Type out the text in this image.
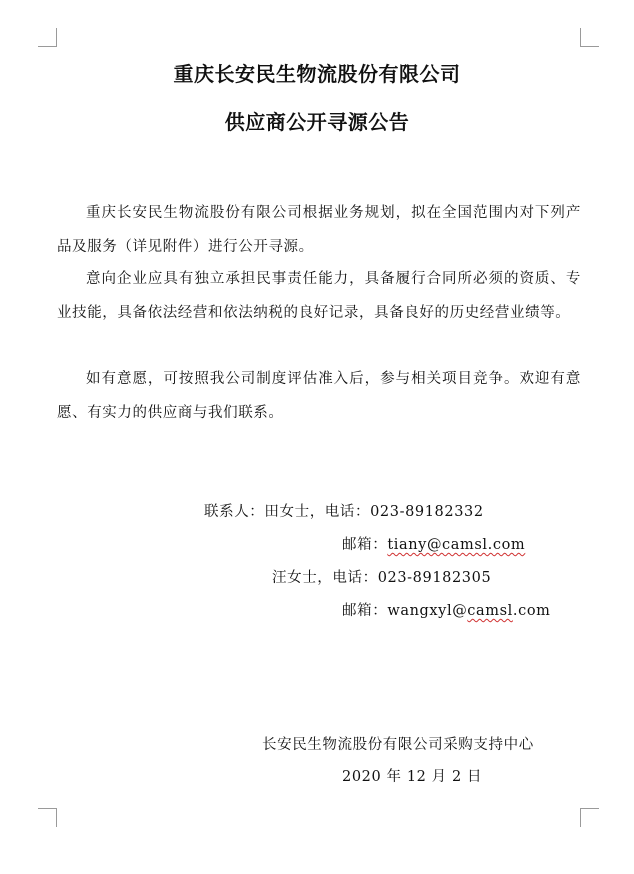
重庆长安民生物流股份有限公司
供应商公开寻源公告
重庆长安民生物流股份有限公司根据业务规划，拟在全国范围内对下列产品及服务（详见附件）进行公开寻源。
意向企业应具有独立承担民事责任能力，具备履行合同所必须的资质、专业技能，具备依法经营和依法纳税的良好记录，具备良好的历史经营业绩等。
如有意愿，可按照我公司制度评估准入后，参与相关项目竞争。欢迎有意愿、有实力的供应商与我们联系。
联系人：田女士，电话：023-89182332
邮箱：tiany@camsl.com
汪女士，电话：023-89182305
邮箱：wangxyl@camsl.com
长安民生物流股份有限公司采购支持中心
2020 年 12 月 2 日
